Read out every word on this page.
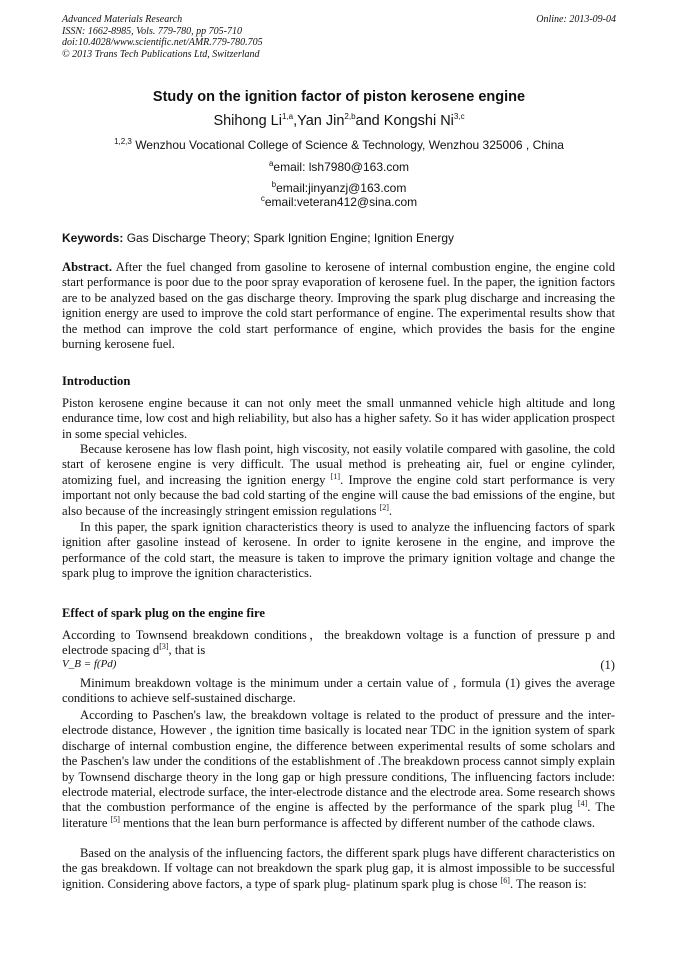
Advanced Materials Research
ISSN: 1662-8985, Vols. 779-780, pp 705-710
doi:10.4028/www.scientific.net/AMR.779-780.705
© 2013 Trans Tech Publications Ltd, Switzerland
Online: 2013-09-04
Study on the ignition factor of piston kerosene engine
Shihong Li$^{1,a}$,Yan Jin$^{2,b}$and Kongshi Ni$^{3,c}$
$^{1,2,3}$ Wenzhou Vocational College of Science & Technology, Wenzhou 325006 , China
$^a$email: lsh7980@163.com
$^b$email:jinyanzj@163.com
$^c$email:veteran412@sina.com
Keywords: Gas Discharge Theory; Spark Ignition Engine; Ignition Energy
Abstract. After the fuel changed from gasoline to kerosene of internal combustion engine, the engine cold start performance is poor due to the poor spray evaporation of kerosene fuel. In the paper, the ignition factors are to be analyzed based on the gas discharge theory. Improving the spark plug discharge and increasing the ignition energy are used to improve the cold start performance of engine. The experimental results show that the method can improve the cold start performance of engine, which provides the basis for the engine burning kerosene fuel.
Introduction
Piston kerosene engine because it can not only meet the small unmanned vehicle high altitude and long endurance time, low cost and high reliability, but also has a higher safety. So it has wider application prospect in some special vehicles.
Because kerosene has low flash point, high viscosity, not easily volatile compared with gasoline, the cold start of kerosene engine is very difficult. The usual method is preheating air, fuel or engine cylinder, atomizing fuel, and increasing the ignition energy [1]. Improve the engine cold start performance is very important not only because the bad cold starting of the engine will cause the bad emissions of the engine, but also because of the increasingly stringent emission regulations [2].
In this paper, the spark ignition characteristics theory is used to analyze the influencing factors of spark ignition after gasoline instead of kerosene. In order to ignite kerosene in the engine, and improve the performance of the cold start, the measure is taken to improve the primary ignition voltage and change the spark plug to improve the ignition characteristics.
Effect of spark plug on the engine fire
According to Townsend breakdown conditions，the breakdown voltage is a function of pressure p and electrode spacing d[3], that is
V_B = f(Pd)	(1)
Minimum breakdown voltage is the minimum under a certain value of , formula (1) gives the average conditions to achieve self-sustained discharge.
According to Paschen's law, the breakdown voltage is related to the product of pressure and the inter-electrode distance, However , the ignition time basically is located near TDC in the ignition system of spark discharge of internal combustion engine, the difference between experimental results of some scholars and the Paschen's law under the conditions of the establishment of .The breakdown process cannot simply explain by Townsend discharge theory in the long gap or high pressure conditions, The influencing factors include: electrode material, electrode surface, the inter-electrode distance and the electrode area. Some research shows that the combustion performance of the engine is affected by the performance of the spark plug [4]. The literature [5] mentions that the lean burn performance is affected by different number of the cathode claws.
Based on the analysis of the influencing factors, the different spark plugs have different characteristics on the gas breakdown. If voltage can not breakdown the spark plug gap, it is almost impossible to be successful ignition. Considering above factors, a type of spark plug- platinum spark plug is chose [6]. The reason is:
